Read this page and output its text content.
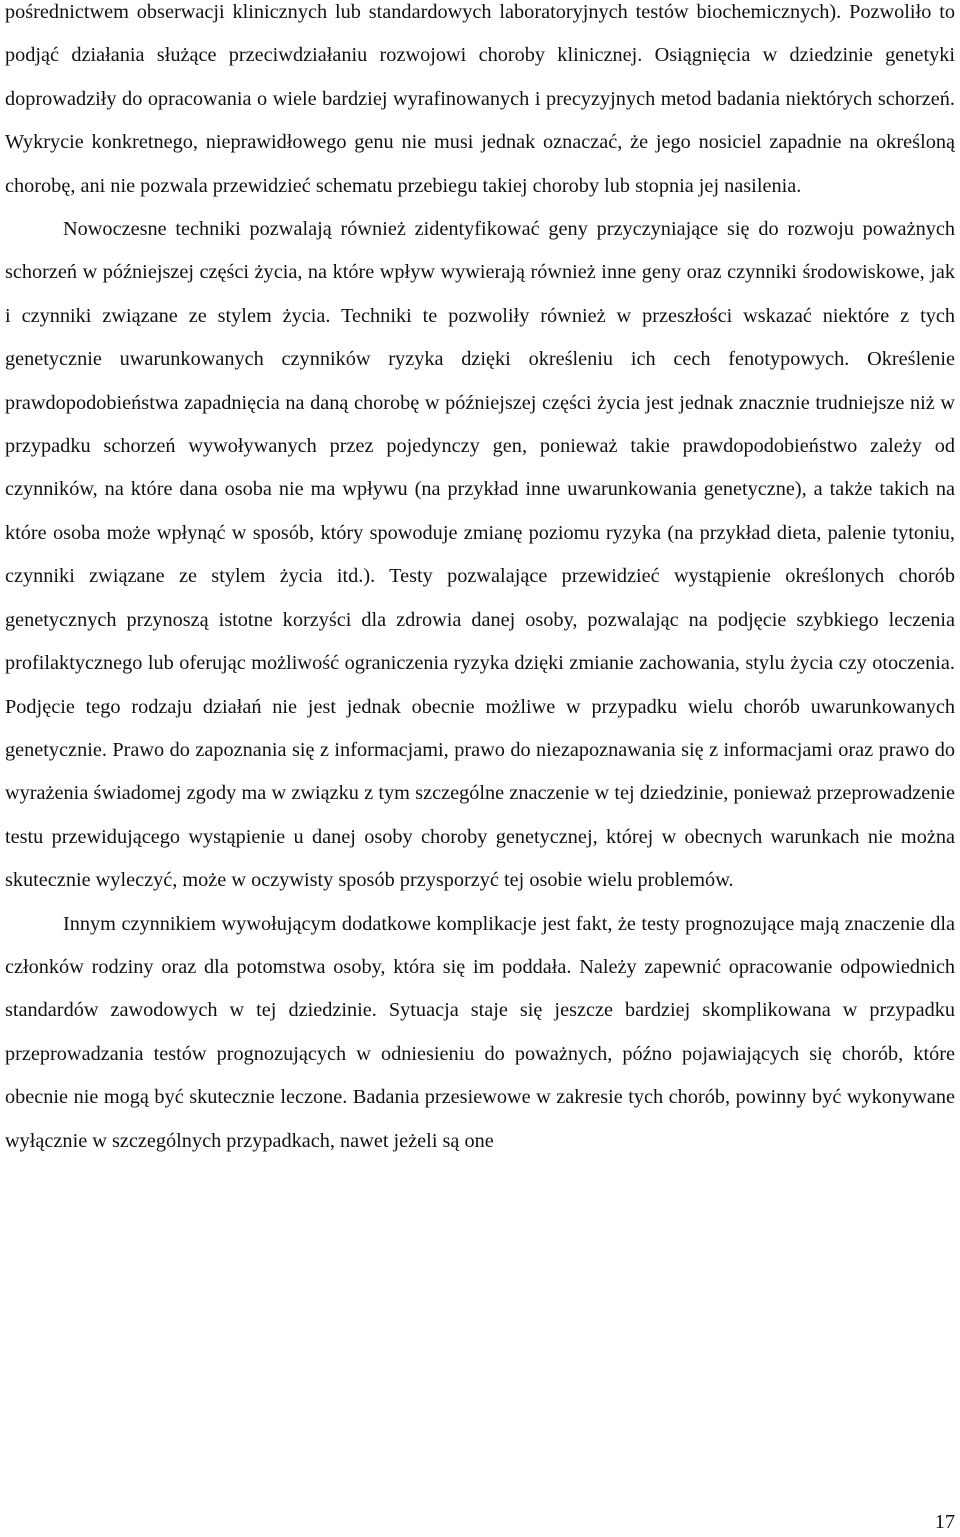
pośrednictwem obserwacji klinicznych lub standardowych laboratoryjnych testów biochemicznych). Pozwoliło to podjąć działania służące przeciwdziałaniu rozwojowi choroby klinicznej. Osiągnięcia w dziedzinie genetyki doprowadziły do opracowania o wiele bardziej wyrafinowanych i precyzyjnych metod badania niektórych schorzeń. Wykrycie konkretnego, nieprawidłowego genu nie musi jednak oznaczać, że jego nosiciel zapadnie na określoną chorobę, ani nie pozwala przewidzieć schematu przebiegu takiej choroby lub stopnia jej nasilenia.

Nowoczesne techniki pozwalają również zidentyfikować geny przyczyniające się do rozwoju poważnych schorzeń w późniejszej części życia, na które wpływ wywierają również inne geny oraz czynniki środowiskowe, jak i czynniki związane ze stylem życia. Techniki te pozwoliły również w przeszłości wskazać niektóre z tych genetycznie uwarunkowanych czynników ryzyka dzięki określeniu ich cech fenotypowych. Określenie prawdopodobieństwa zapadnięcia na daną chorobę w późniejszej części życia jest jednak znacznie trudniejsze niż w przypadku schorzeń wywoływanych przez pojedynczy gen, ponieważ takie prawdopodobieństwo zależy od czynników, na które dana osoba nie ma wpływu (na przykład inne uwarunkowania genetyczne), a także takich na które osoba może wpłynąć w sposób, który spowoduje zmianę poziomu ryzyka (na przykład dieta, palenie tytoniu, czynniki związane ze stylem życia itd.). Testy pozwalające przewidzieć wystąpienie określonych chorób genetycznych przynoszą istotne korzyści dla zdrowia danej osoby, pozwalając na podjęcie szybkiego leczenia profilaktycznego lub oferując możliwość ograniczenia ryzyka dzięki zmianie zachowania, stylu życia czy otoczenia. Podjęcie tego rodzaju działań nie jest jednak obecnie możliwe w przypadku wielu chorób uwarunkowanych genetycznie. Prawo do zapoznania się z informacjami, prawo do niezapoznawania się z informacjami oraz prawo do wyrażenia świadomej zgody ma w związku z tym szczególne znaczenie w tej dziedzinie, ponieważ przeprowadzenie testu przewidującego wystąpienie u danej osoby choroby genetycznej, której w obecnych warunkach nie można skutecznie wyleczyć, może w oczywisty sposób przysporzyć tej osobie wielu problemów.

Innym czynnikiem wywołującym dodatkowe komplikacje jest fakt, że testy prognozujące mają znaczenie dla członków rodziny oraz dla potomstwa osoby, która się im poddała. Należy zapewnić opracowanie odpowiednich standardów zawodowych w tej dziedzinie. Sytuacja staje się jeszcze bardziej skomplikowana w przypadku przeprowadzania testów prognozujących w odniesieniu do poważnych, późno pojawiających się chorób, które obecnie nie mogą być skutecznie leczone. Badania przesiewowe w zakresie tych chorób, powinny być wykonywane wyłącznie w szczególnych przypadkach, nawet jeżeli są one

17
